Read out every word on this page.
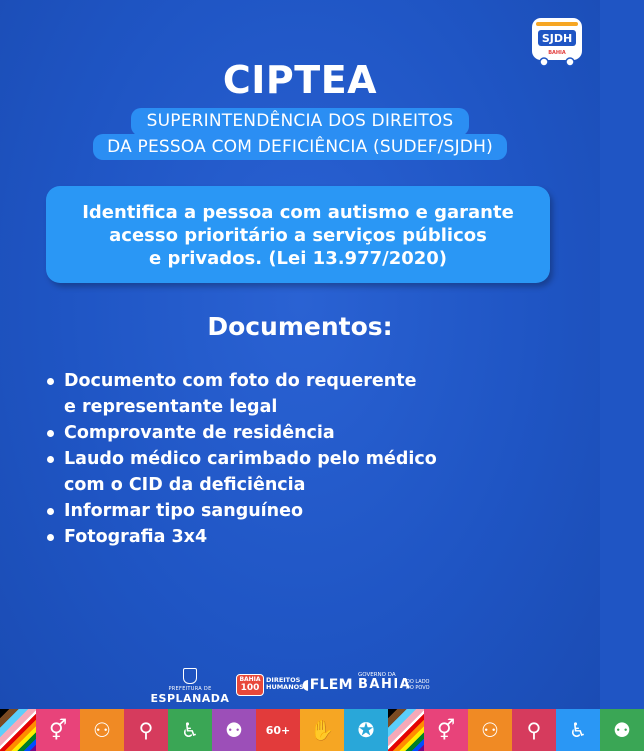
SJDH
BAHIA
CIPTEA
SUPERINTENDÊNCIA DOS DIREITOS
DA PESSOA COM DEFICIÊNCIA (SUDEF/SJDH)
Identifica a pessoa com autismo e garante
acesso prioritário a serviços públicos
e privados. (Lei 13.977/2020)
Documentos:
Documento com foto do requerente
e representante legal
Comprovante de residência
Laudo médico carimbado pelo médico
com o CID da deficiência
Informar tipo sanguíneo
Fotografia 3x4
PREFEITURA DE
ESPLANADA
BAHIA
100
DIREITOS
HUMANOS
◖FLEM
GOVERNO DA
BAHIA
DO LADO
DO POVO
⚥ ⚇ ⚲ ♿ ⚉ 60+ ✋ ✪	⚥ ⚇ ⚲ ♿ ⚉
